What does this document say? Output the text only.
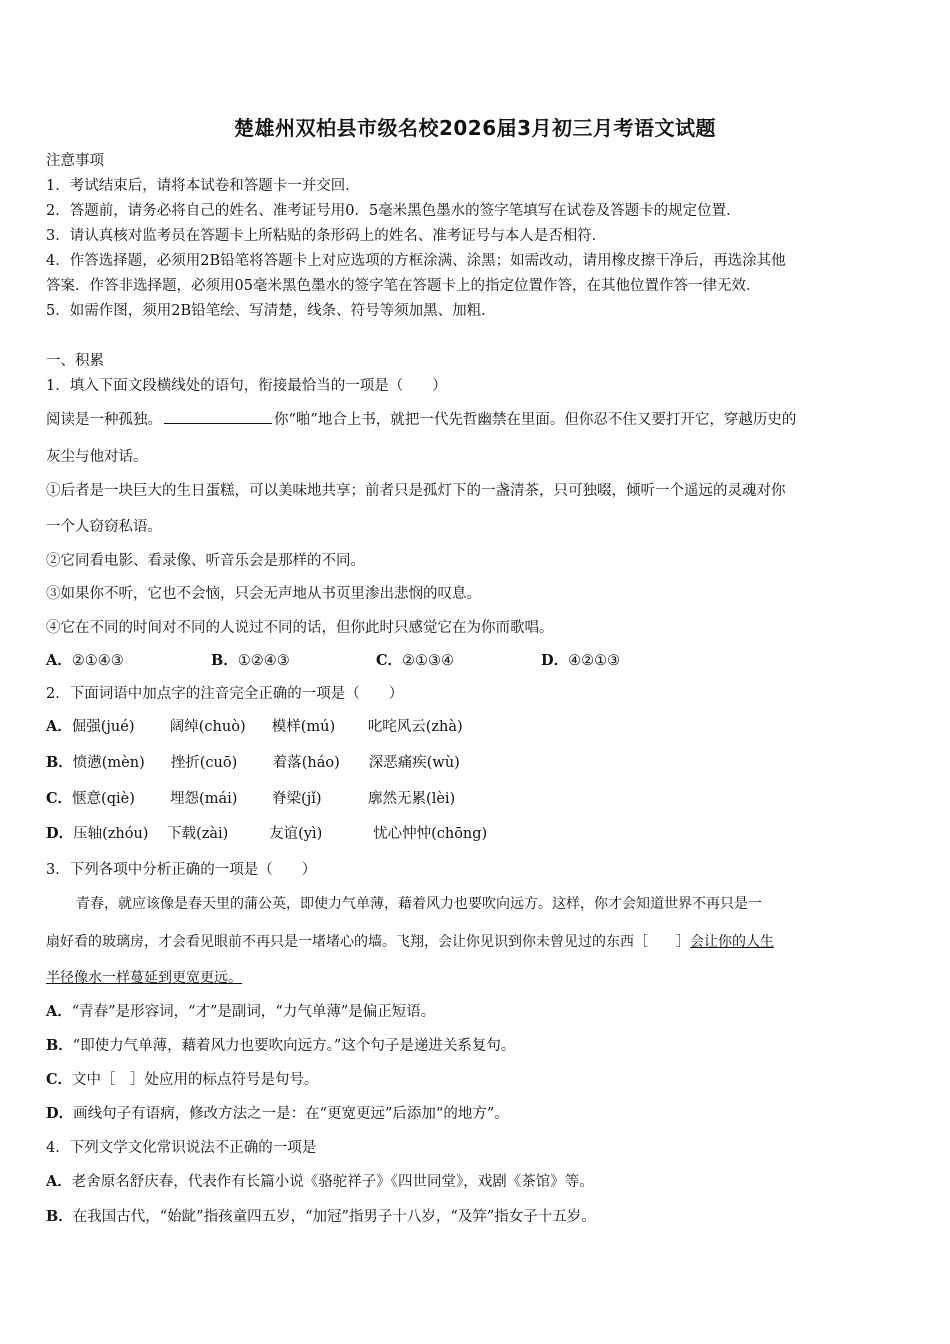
楚雄州双柏县市级名校2026届3月初三月考语文试题
注意事项
1．考试结束后，请将本试卷和答题卡一并交回．
2．答题前，请务必将自己的姓名、准考证号用0．5毫米黑色墨水的签字笔填写在试卷及答题卡的规定位置．
3．请认真核对监考员在答题卡上所粘贴的条形码上的姓名、准考证号与本人是否相符．
4．作答选择题，必须用2B铅笔将答题卡上对应选项的方框涂满、涂黑；如需改动，请用橡皮擦干净后，再选涂其他
答案．作答非选择题，必须用05毫米黑色墨水的签字笔在答题卡上的指定位置作答，在其他位置作答一律无效．
5．如需作图，须用2B铅笔绘、写清楚，线条、符号等须加黑、加粗．
一、积累
1．填入下面文段横线处的语句，衔接最恰当的一项是（　　）
阅读是一种孤独。	你“啪”地合上书，就把一代先哲幽禁在里面。但你忍不住又要打开它，穿越历史的
灰尘与他对话。
①后者是一块巨大的生日蛋糕，可以美味地共享；前者只是孤灯下的一盏清茶，只可独啜，倾听一个遥远的灵魂对你
一个人窃窃私语。
②它同看电影、看录像、听音乐会是那样的不同。
③如果你不听，它也不会恼，只会无声地从书页里渗出悲悯的叹息。
④它在不同的时间对不同的人说过不同的话，但你此时只感觉它在为你而歌唱。
A．②①④③	B．①②④③	C．②①③④	D．④②①③
2．下面词语中加点字的注音完全正确的一项是（　　）
A．倔强(jué) 阔绰(chuò) 模样(mú) 叱咤风云(zhà)
B．愤懑(mèn) 挫折(cuō) 着落(háo) 深恶痛疾(wù)
C．惬意(qiè) 埋怨(mái) 脊梁(jǐ)	廓然无累(lèi)
D．压轴(zhóu) 下载(zài)	友谊(yì)	忧心忡忡(chōng)
3．下列各项中分析正确的一项是（　　）
青春，就应该像是春天里的蒲公英，即使力气单薄，藉着风力也要吹向远方。这样，你才会知道世界不再只是一
扇好看的玻璃房，才会看见眼前不再只是一堵堵心的墙。飞翔，会让你见识到你未曾见过的东西［　　］会让你的人生
半径像水一样蔓延到更宽更远。
A．“青春”是形容词，“才”是副词，“力气单薄”是偏正短语。
B．“即使力气单薄，藉着风力也要吹向远方。”这个句子是递进关系复句。
C．文中［　］处应用的标点符号是句号。
D．画线句子有语病，修改方法之一是：在“更宽更远”后添加“的地方”。
4．下列文学文化常识说法不正确的一项是
A．老舍原名舒庆春，代表作有长篇小说《骆驼祥子》《四世同堂》，戏剧《茶馆》等。
B．在我国古代，“始龀”指孩童四五岁，“加冠”指男子十八岁，“及笄”指女子十五岁。
